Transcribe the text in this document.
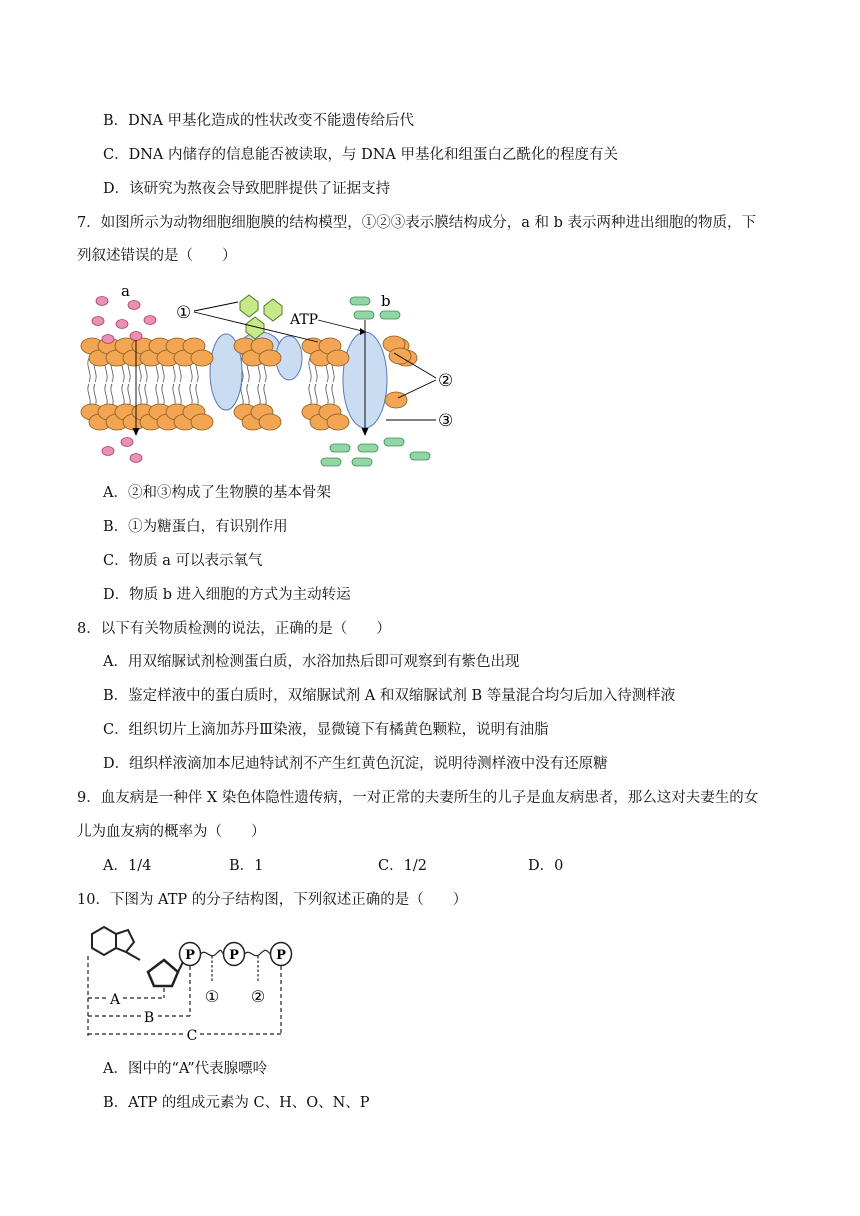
B．DNA 甲基化造成的性状改变不能遗传给后代
C．DNA 内储存的信息能否被读取，与 DNA 甲基化和组蛋白乙酰化的程度有关
D．该研究为熬夜会导致肥胖提供了证据支持
7．如图所示为动物细胞细胞膜的结构模型，①②③表示膜结构成分，a 和 b 表示两种进出细胞的物质，下
列叙述错误的是（　　）
①	ATP
a
b
②
③
A．②和③构成了生物膜的基本骨架
B．①为糖蛋白，有识别作用
C．物质 a 可以表示氧气
D．物质 b 进入细胞的方式为主动转运
8．以下有关物质检测的说法，正确的是（　　）
A．用双缩脲试剂检测蛋白质，水浴加热后即可观察到有紫色出现
B．鉴定样液中的蛋白质时，双缩脲试剂 A 和双缩脲试剂 B 等量混合均匀后加入待测样液
C．组织切片上滴加苏丹Ⅲ染液，显微镜下有橘黄色颗粒，说明有油脂
D．组织样液滴加本尼迪特试剂不产生红黄色沉淀，说明待测样液中没有还原糖
9．血友病是一种伴 X 染色体隐性遗传病，一对正常的夫妻所生的儿子是血友病患者，那么这对夫妻生的女
儿为血友病的概率为（　　）
A．1/4	B．1	C．1/2	D．0
10．下图为 ATP 的分子结构图，下列叙述正确的是（　　）
P	P	P
① ②
A
B
C
A．图中的“A”代表腺嘌呤
B．ATP 的组成元素为 C、H、O、N、P
